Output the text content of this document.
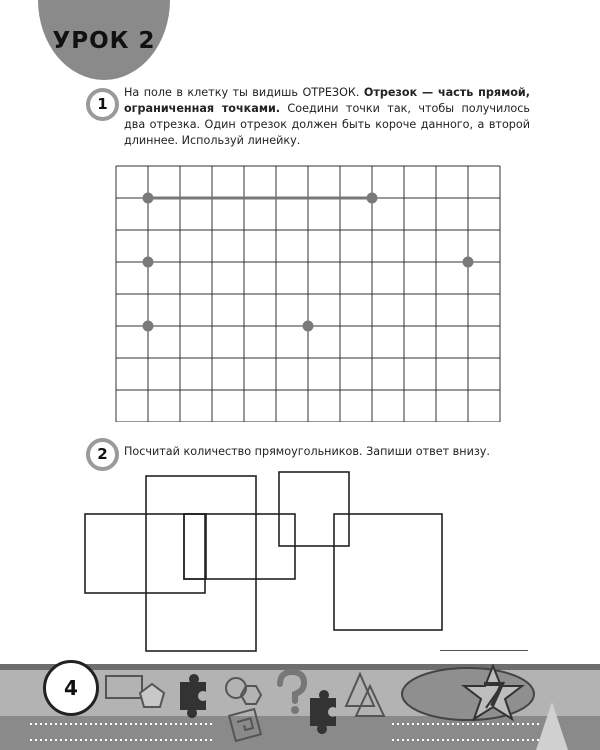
УРОК 2
1
На поле в клетку ты видишь ОТРЕЗОК. Отрезок — часть прямой, ограниченная точками. Соедини точки так, чтобы получилось два отрезка. Один отрезок должен быть короче данного, а второй длиннее. Используй линейку.
2	Посчитай количество прямоугольников. Запиши ответ внизу.
4
